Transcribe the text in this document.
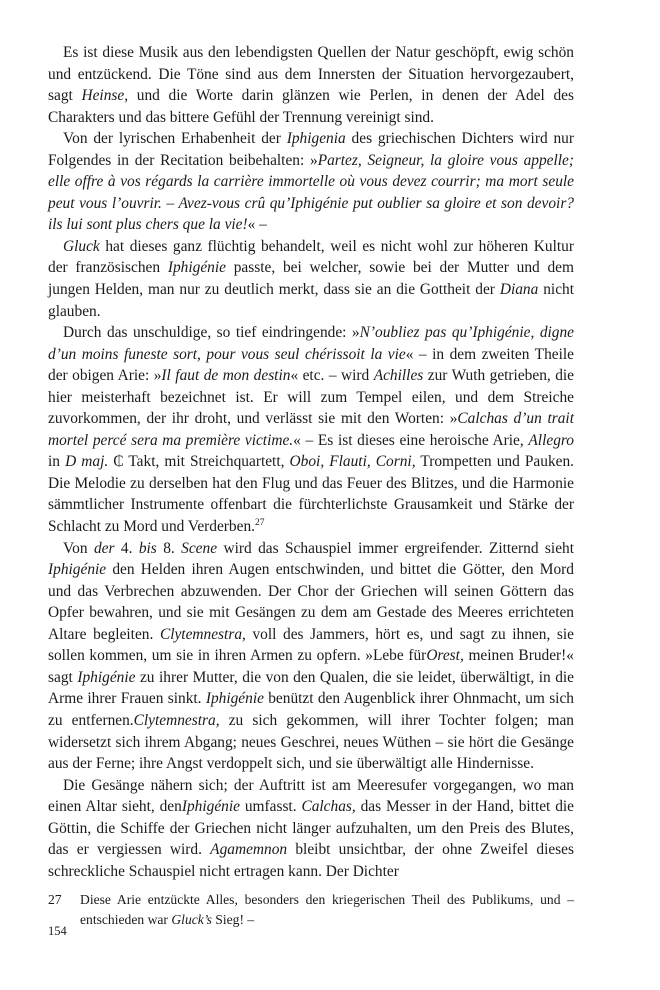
Es ist diese Musik aus den lebendigsten Quellen der Natur geschöpft, ewig schön und entzückend. Die Töne sind aus dem Innersten der Situation hervorgezaubert, sagt Heinse, und die Worte darin glänzen wie Perlen, in denen der Adel des Charakters und das bittere Gefühl der Trennung vereinigt sind.

Von der lyrischen Erhabenheit der Iphigenia des griechischen Dichters wird nur Folgendes in der Recitation beibehalten: »Partez, Seigneur, la gloire vous appelle; elle offre à vos régards la carrière immortelle où vous devez courrir; ma mort seule peut vous l’ouvrir. – Avez-vous crû qu’Iphigénie put oublier sa gloire et son devoir? ils lui sont plus chers que la vie!« –

Gluck hat dieses ganz flüchtig behandelt, weil es nicht wohl zur höheren Kultur der französischen Iphigénie passte, bei welcher, sowie bei der Mutter und dem jungen Helden, man nur zu deutlich merkt, dass sie an die Gottheit der Diana nicht glauben.

Durch das unschuldige, so tief eindringende: »N’oubliez pas qu’Iphigénie, digne d’un moins funeste sort, pour vous seul chérissoit la vie« – in dem zweiten Theile der obigen Arie: »Il faut de mon destin« etc. – wird Achilles zur Wuth getrieben, die hier meisterhaft bezeichnet ist. Er will zum Tempel eilen, und dem Streiche zuvorkommen, der ihr droht, und verlässt sie mit den Worten: »Calchas d’un trait mortel percé sera ma première victime.« – Es ist dieses eine heroische Arie, Allegro in D maj. ₵ Takt, mit Streichquartett, Oboi, Flauti, Corni, Trompetten und Pauken. Die Melodie zu derselben hat den Flug und das Feuer des Blitzes, und die Harmonie sämmtlicher Instrumente offenbart die fürchterlichste Grausamkeit und Stärke der Schlacht zu Mord und Verderben.$^{27}$

Von der 4. bis 8. Scene wird das Schauspiel immer ergreifender. Zitternd sieht Iphigénie den Helden ihren Augen entschwinden, und bittet die Götter, den Mord und das Verbrechen abzuwenden. Der Chor der Griechen will seinen Göttern das Opfer bewahren, und sie mit Gesängen zu dem am Gestade des Meeres errichteten Altare begleiten. Clytemnestra, voll des Jammers, hört es, und sagt zu ihnen, sie sollen kommen, um sie in ihren Armen zu opfern. »Lebe fürOrest, meinen Bruder!« sagt Iphigénie zu ihrer Mutter, die von den Qualen, die sie leidet, überwältigt, in die Arme ihrer Frauen sinkt. Iphigénie benützt den Augenblick ihrer Ohnmacht, um sich zu entfernen.Clytemnestra, zu sich gekommen, will ihrer Tochter folgen; man widersetzt sich ihrem Abgang; neues Geschrei, neues Wüthen – sie hört die Gesänge aus der Ferne; ihre Angst verdoppelt sich, und sie überwältigt alle Hindernisse.

Die Gesänge nähern sich; der Auftritt ist am Meeresufer vorgegangen, wo man einen Altar sieht, denIphigénie umfasst. Calchas, das Messer in der Hand, bittet die Göttin, die Schiffe der Griechen nicht länger aufzuhalten, um den Preis des Blutes, das er vergiessen wird. Agamemnon bleibt unsichtbar, der ohne Zweifel dieses schreckliche Schauspiel nicht ertragen kann. Der Dichter

27	Diese Arie entzückte Alles, besonders den kriegerischen Theil des Publikums, und – entschieden war Gluck’s Sieg! –
154
